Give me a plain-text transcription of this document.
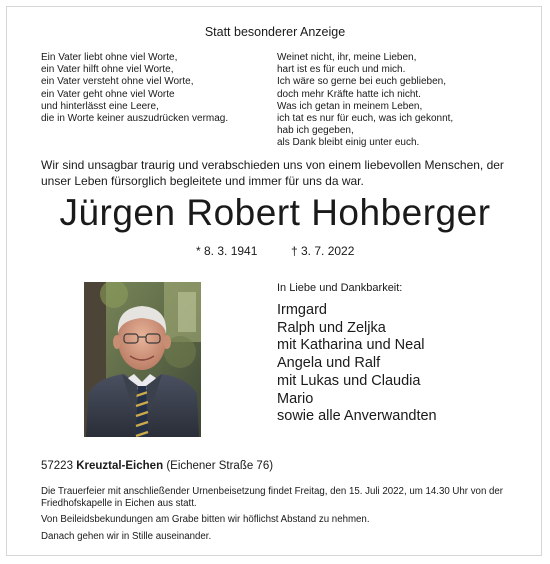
Statt besonderer Anzeige
Ein Vater liebt ohne viel Worte,
ein Vater hilft ohne viel Worte,
ein Vater versteht ohne viel Worte,
ein Vater geht ohne viel Worte
und hinterlässt eine Leere,
die in Worte keiner auszudrücken vermag.
Weinet nicht, ihr, meine Lieben,
hart ist es für euch und mich.
Ich wäre so gerne bei euch geblieben,
doch mehr Kräfte hatte ich nicht.
Was ich getan in meinem Leben,
ich tat es nur für euch, was ich gekonnt,
hab ich gegeben,
als Dank bleibt einig unter euch.
Wir sind unsagbar traurig und verabschieden uns von einem liebevollen Menschen, der unser Leben fürsorglich begleitete und immer für uns da war.
Jürgen Robert Hohberger
* 8. 3. 1941	† 3. 7. 2022
In Liebe und Dankbarkeit:
Irmgard
Ralph und Zeljka
mit Katharina und Neal
Angela und Ralf
mit Lukas und Claudia
Mario
sowie alle Anverwandten
57223 Kreuztal-Eichen (Eichener Straße 76)
Die Trauerfeier mit anschließender Urnenbeisetzung findet Freitag, den 15. Juli 2022, um 14.30 Uhr von der Friedhofskapelle in Eichen aus statt.
Von Beileidsbekundungen am Grabe bitten wir höflichst Abstand zu nehmen.
Danach gehen wir in Stille auseinander.
